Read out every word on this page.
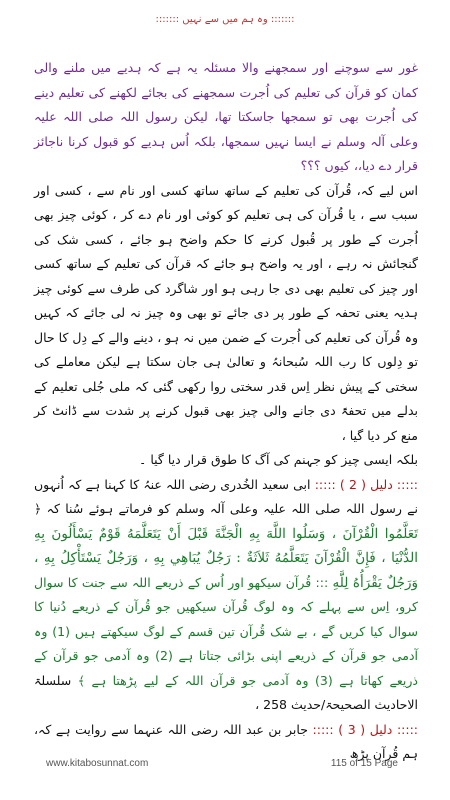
::::::: وہ ہم میں سے نہیں :::::::

غور سے سوچنے اور سمجھنے والا مسئلہ یہ ہے کہ ہدیے میں ملنے والی کمان کو قرآن کی تعلیم کی اُجرت سمجھنے کی بجائے لکھنے کی تعلیم دینے کی اُجرت بھی تو سمجھا جاسکتا تھا، لیکن رسول اللہ صلی اللہ علیہ وعلی آلہ وسلم نے ایسا نہیں سمجھا، بلکہ اُس ہدیے کو قبول کرنا ناجائز قرار دے دیا،، کیوں ؟؟؟

اس لیے کہ، قُرآن کی تعلیم کے ساتھ ساتھ کسی اور نام سے ، کسی اور سبب سے ، یا قُرآن کی ہی تعلیم کو کوئی اور نام دے کر ، کوئی چیز بھی اُجرت کے طور پر قُبول کرنے کا حکم واضح ہو جائے ، کسی شک کی گنجائش نہ رہے ، اور یہ واضح ہو جائے کہ قرآن کی تعلیم کے ساتھ کسی اور چیز کی تعلیم بھی دی جا رہی ہو اور شاگرد کی طرف سے کوئی چیز ہدیہ یعنی تحفہ کے طور پر دی جائے تو بھی وہ چیز نہ لی جائے کہ کہیں وہ قُرآن کی تعلیم کی اُجرت کے ضمن میں نہ ہو ، دینے والے کے دِل کا حال تو دِلوں کا رب اللہ سُبحانہُ و تعالیٰ ہی جان سکتا ہے لیکن معاملے کی سختی کے پیش نظر اِس قدر سختی روا رکھی گئی کہ ملی جُلی تعلیم کے بدلے میں تحفۃً دی جانے والی چیز بھی قبول کرنے پر شدت سے ڈانٹ کر منع کر دیا گیا ،

بلکہ ایسی چیز کو جہنم کی آگ کا طوق قرار دیا گیا ۔

::::: دلیل ( 2 ) ::::: ابی سعید الخُدری رضی اللہ عنہُ کا کہنا ہے کہ اُنہوں نے رسول اللہ صلی اللہ علیہ وعلی آلہ وسلم کو فرماتے ہوئے سُنا کہ ﴿ تَعَلَّمُوا الْقُرْآنَ ، وَسَلُوا اللَّهَ بِهِ الْجَنَّةَ قَبْلَ أَنْ يَتَعَلَّمَهُ قَوْمٌ يَسْأَلُونَ بِهِ الدُّنْيَا ، فَإِنَّ الْقُرْآنَ يَتَعَلَّمُهُ ثَلاَثَةٌ : رَجُلٌ يُبَاهِي بِهِ ، وَرَجُلٌ يَسْتَأْكِلُ بِهِ ، وَرَجُلٌ يَقْرَأُهُ لِلَّهِ ::: قُرآن سیکھو اور اُس کے ذریعے اللہ سے جنت کا سوال کرو، اِس سے پہلے کہ وہ لوگ قُرآن سیکھیں جو قُرآن کے ذریعے دُنیا کا سوال کیا کریں گے ، بے شک قُرآن تین قسم کے لوگ سیکھتے ہیں (1) وہ آدمی جو قرآن کے ذریعے اپنی بڑائی جتاتا ہے (2) وہ آدمی جو قرآن کے ذریعے کھاتا ہے (3) وہ آدمی جو قرآن اللہ کے لیے پڑھتا ہے ﴾ سلسلۃ الاحادیث الصحیحۃ/حدیث 258 ،

::::: دلیل ( 3 ) ::::: جابر بن عبد اللہ رضی اللہ عنہما سے روایت ہے کہ، ہم قُرآن پڑھ

www.kitabosunnat.com	115 of 15 Page
